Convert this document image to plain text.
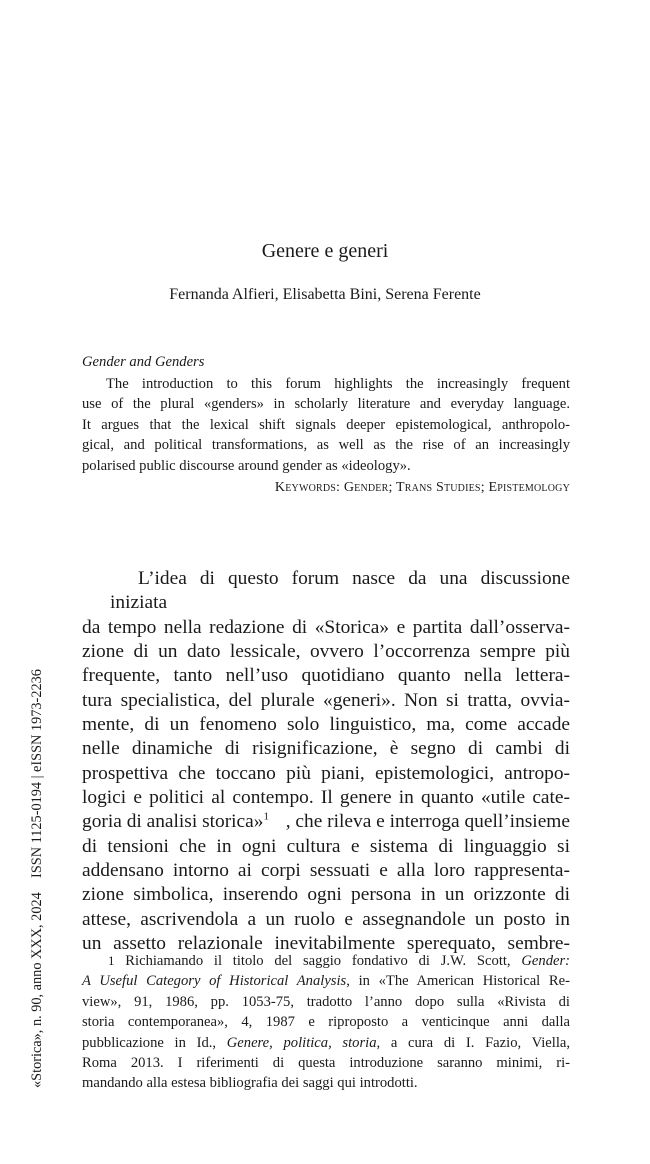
Genere e generi
Fernanda Alfieri, Elisabetta Bini, Serena Ferente
Gender and Genders
The introduction to this forum highlights the increasingly frequent
use of the plural «genders» in scholarly literature and everyday language.
It argues that the lexical shift signals deeper epistemological, anthropolo-
gical, and political transformations, as well as the rise of an increasingly
polarised public discourse around gender as «ideology».
Keywords: Gender; Trans Studies; Epistemology
L’idea di questo forum nasce da una discussione iniziata
da tempo nella redazione di «Storica» e partita dall’osserva-
zione di un dato lessicale, ovvero l’occorrenza sempre più
frequente, tanto nell’uso quotidiano quanto nella lettera-
tura specialistica, del plurale «generi». Non si tratta, ovvia-
mente, di un fenomeno solo linguistico, ma, come accade
nelle dinamiche di risignificazione, è segno di cambi di
prospettiva che toccano più piani, epistemologici, antropo-
logici e politici al contempo. Il genere in quanto «utile cate-
goria di analisi storica»$^1$ , che rileva e interroga quell’insieme
di tensioni che in ogni cultura e sistema di linguaggio si
addensano intorno ai corpi sessuati e alla loro rappresenta-
zione simbolica, inserendo ogni persona in un orizzonte di
attese, ascrivendola a un ruolo e assegnandole un posto in
un assetto relazionale inevitabilmente sperequato, sembre-
1 Richiamando il titolo del saggio fondativo di J.W. Scott, Gender:
A Useful Category of Historical Analysis, in «The American Historical Re-
view», 91, 1986, pp. 1053-75, tradotto l’anno dopo sulla «Rivista di
storia contemporanea», 4, 1987 e riproposto a venticinque anni dalla
pubblicazione in Id., Genere, politica, storia, a cura di I. Fazio, Viella,
Roma 2013. I riferimenti di questa introduzione saranno minimi, ri-
mandando alla estesa bibliografia dei saggi qui introdotti.
«Storica», n. 90, anno XXX, 2024    ISSN 1125-0194 | eISSN 1973-2236
